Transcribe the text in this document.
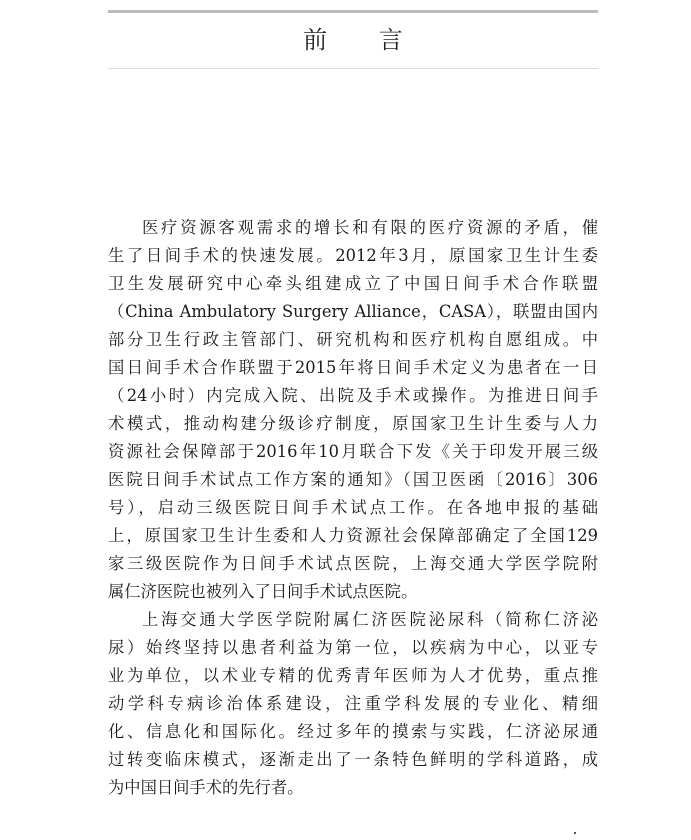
前 言
医疗资源客观需求的增长和有限的医疗资源的矛盾，催
生了日间手术的快速发展。2012年3月，原国家卫生计生委
卫生发展研究中心牵头组建成立了中国日间手术合作联盟
（China Ambulatory Surgery Alliance，CASA），联盟由国内
部分卫生行政主管部门、研究机构和医疗机构自愿组成。中
国日间手术合作联盟于2015年将日间手术定义为患者在一日
（24小时）内完成入院、出院及手术或操作。为推进日间手
术模式，推动构建分级诊疗制度，原国家卫生计生委与人力
资源社会保障部于2016年10月联合下发《关于印发开展三级
医院日间手术试点工作方案的通知》（国卫医函〔2016〕306
号），启动三级医院日间手术试点工作。在各地申报的基础
上，原国家卫生计生委和人力资源社会保障部确定了全国129
家三级医院作为日间手术试点医院，上海交通大学医学院附
属仁济医院也被列入了日间手术试点医院。
上海交通大学医学院附属仁济医院泌尿科（简称仁济泌
尿）始终坚持以患者利益为第一位，以疾病为中心，以亚专
业为单位，以术业专精的优秀青年医师为人才优势，重点推
动学科专病诊治体系建设，注重学科发展的专业化、精细
化、信息化和国际化。经过多年的摸索与实践，仁济泌尿通
过转变临床模式，逐渐走出了一条特色鲜明的学科道路，成
为中国日间手术的先行者。
